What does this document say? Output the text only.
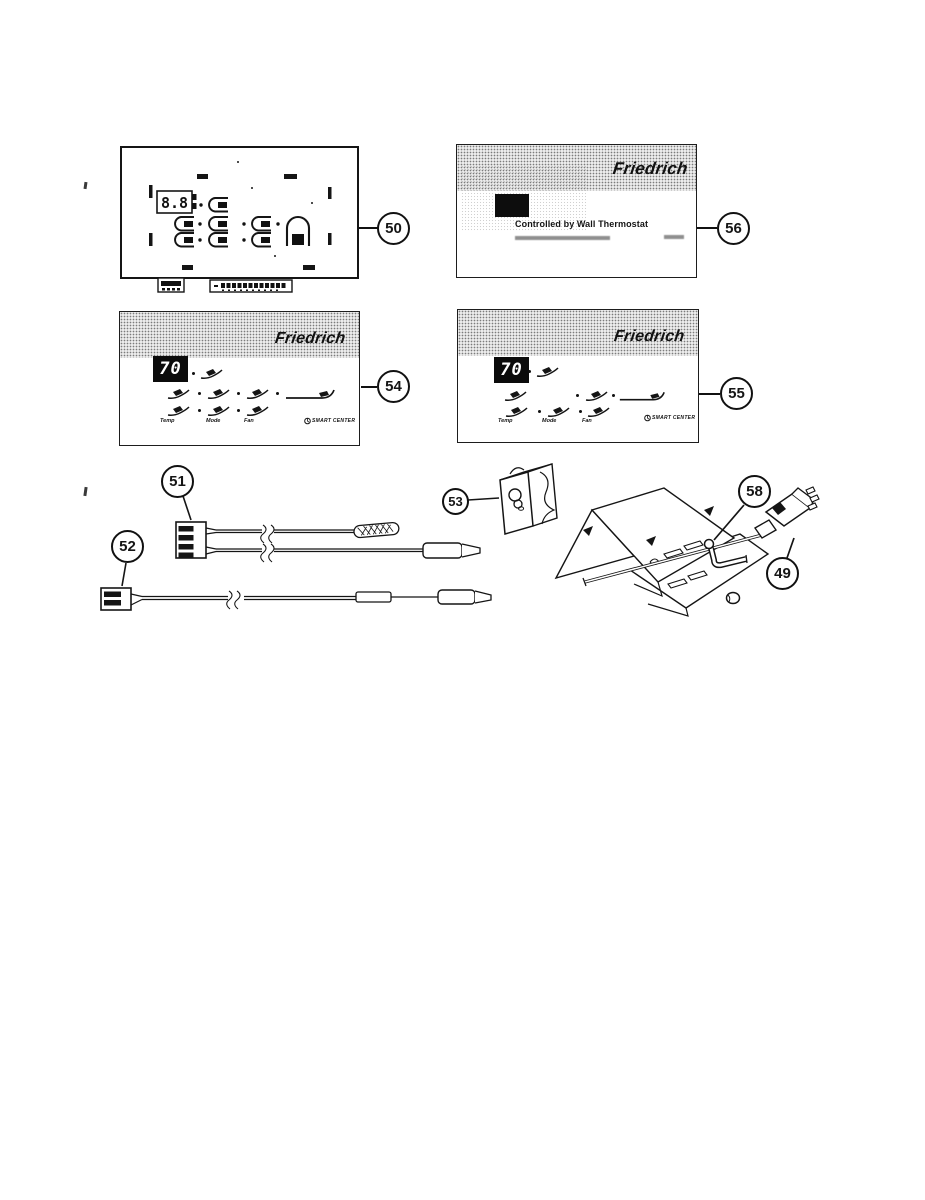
8.8
50
Friedrich
Controlled by Wall Thermostat	56
Friedrich
70
Temp	Mode	Fan	SMART CENTER
54
Friedrich
70
Temp	Mode	Fan	SMART CENTER
55
51
52
53
58
49
